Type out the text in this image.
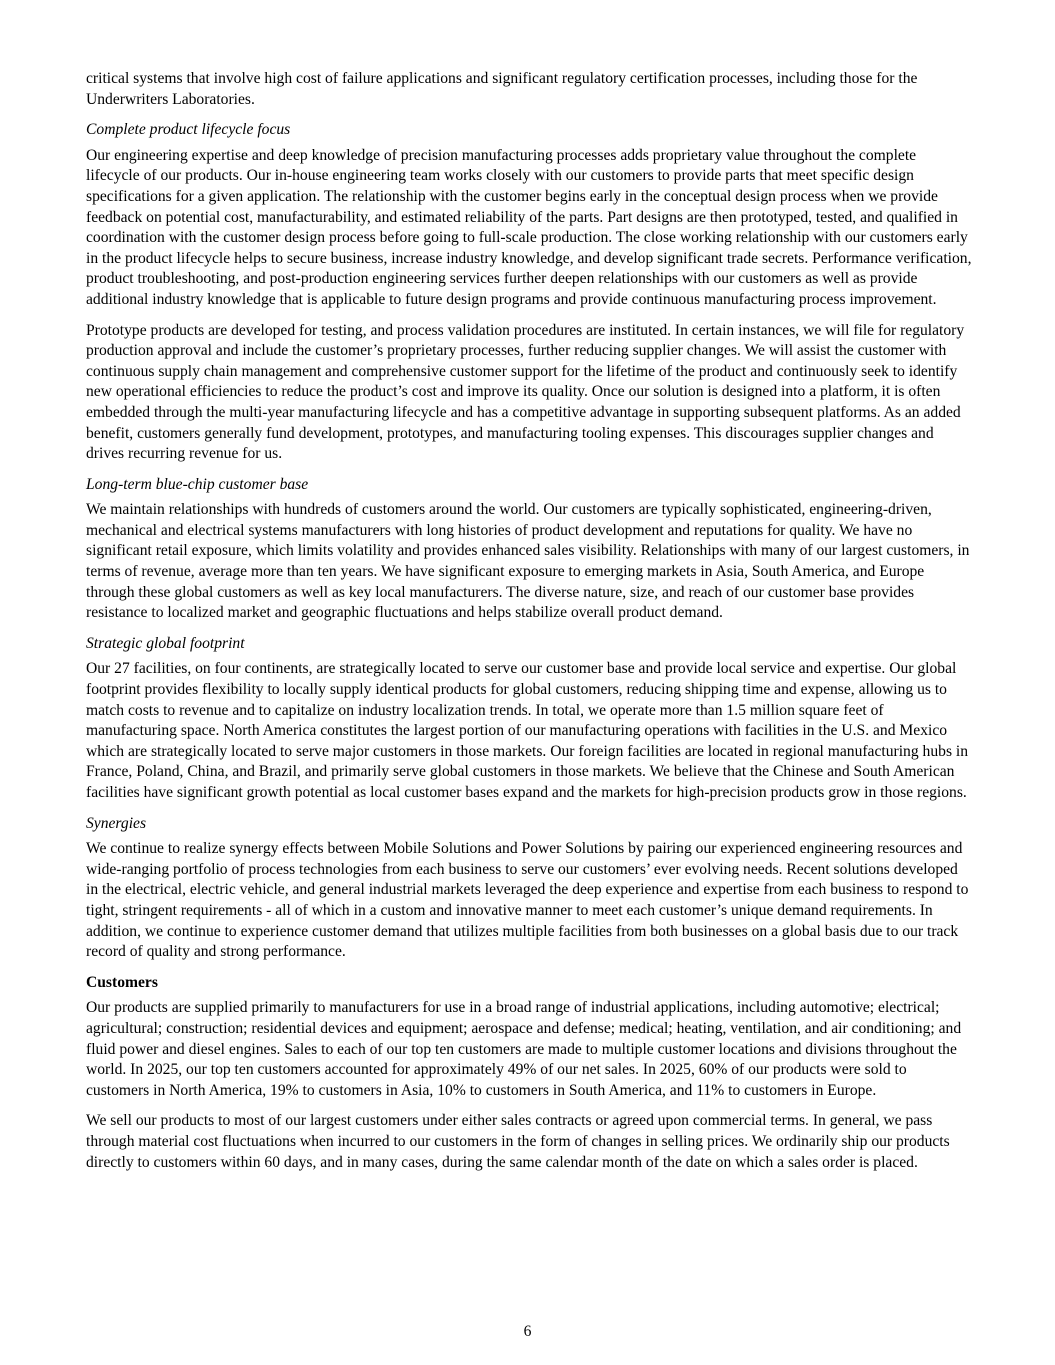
critical systems that involve high cost of failure applications and significant regulatory certification processes, including those for the Underwriters Laboratories.

Complete product lifecycle focus

Our engineering expertise and deep knowledge of precision manufacturing processes adds proprietary value throughout the complete lifecycle of our products. Our in-house engineering team works closely with our customers to provide parts that meet specific design specifications for a given application. The relationship with the customer begins early in the conceptual design process when we provide feedback on potential cost, manufacturability, and estimated reliability of the parts. Part designs are then prototyped, tested, and qualified in coordination with the customer design process before going to full-scale production. The close working relationship with our customers early in the product lifecycle helps to secure business, increase industry knowledge, and develop significant trade secrets. Performance verification, product troubleshooting, and post-production engineering services further deepen relationships with our customers as well as provide additional industry knowledge that is applicable to future design programs and provide continuous manufacturing process improvement.

Prototype products are developed for testing, and process validation procedures are instituted. In certain instances, we will file for regulatory production approval and include the customer’s proprietary processes, further reducing supplier changes. We will assist the customer with continuous supply chain management and comprehensive customer support for the lifetime of the product and continuously seek to identify new operational efficiencies to reduce the product’s cost and improve its quality. Once our solution is designed into a platform, it is often embedded through the multi-year manufacturing lifecycle and has a competitive advantage in supporting subsequent platforms. As an added benefit, customers generally fund development, prototypes, and manufacturing tooling expenses. This discourages supplier changes and drives recurring revenue for us.

Long-term blue-chip customer base

We maintain relationships with hundreds of customers around the world. Our customers are typically sophisticated, engineering-driven, mechanical and electrical systems manufacturers with long histories of product development and reputations for quality. We have no significant retail exposure, which limits volatility and provides enhanced sales visibility. Relationships with many of our largest customers, in terms of revenue, average more than ten years. We have significant exposure to emerging markets in Asia, South America, and Europe through these global customers as well as key local manufacturers. The diverse nature, size, and reach of our customer base provides resistance to localized market and geographic fluctuations and helps stabilize overall product demand.

Strategic global footprint

Our 27 facilities, on four continents, are strategically located to serve our customer base and provide local service and expertise. Our global footprint provides flexibility to locally supply identical products for global customers, reducing shipping time and expense, allowing us to match costs to revenue and to capitalize on industry localization trends. In total, we operate more than 1.5 million square feet of manufacturing space. North America constitutes the largest portion of our manufacturing operations with facilities in the U.S. and Mexico which are strategically located to serve major customers in those markets. Our foreign facilities are located in regional manufacturing hubs in France, Poland, China, and Brazil, and primarily serve global customers in those markets. We believe that the Chinese and South American facilities have significant growth potential as local customer bases expand and the markets for high-precision products grow in those regions.

Synergies

We continue to realize synergy effects between Mobile Solutions and Power Solutions by pairing our experienced engineering resources and wide-ranging portfolio of process technologies from each business to serve our customers’ ever evolving needs. Recent solutions developed in the electrical, electric vehicle, and general industrial markets leveraged the deep experience and expertise from each business to respond to tight, stringent requirements - all of which in a custom and innovative manner to meet each customer’s unique demand requirements. In addition, we continue to experience customer demand that utilizes multiple facilities from both businesses on a global basis due to our track record of quality and strong performance.

Customers

Our products are supplied primarily to manufacturers for use in a broad range of industrial applications, including automotive; electrical; agricultural; construction; residential devices and equipment; aerospace and defense; medical; heating, ventilation, and air conditioning; and fluid power and diesel engines. Sales to each of our top ten customers are made to multiple customer locations and divisions throughout the world. In 2025, our top ten customers accounted for approximately 49% of our net sales. In 2025, 60% of our products were sold to customers in North America, 19% to customers in Asia, 10% to customers in South America, and 11% to customers in Europe.

We sell our products to most of our largest customers under either sales contracts or agreed upon commercial terms. In general, we pass through material cost fluctuations when incurred to our customers in the form of changes in selling prices. We ordinarily ship our products directly to customers within 60 days, and in many cases, during the same calendar month of the date on which a sales order is placed.

6
